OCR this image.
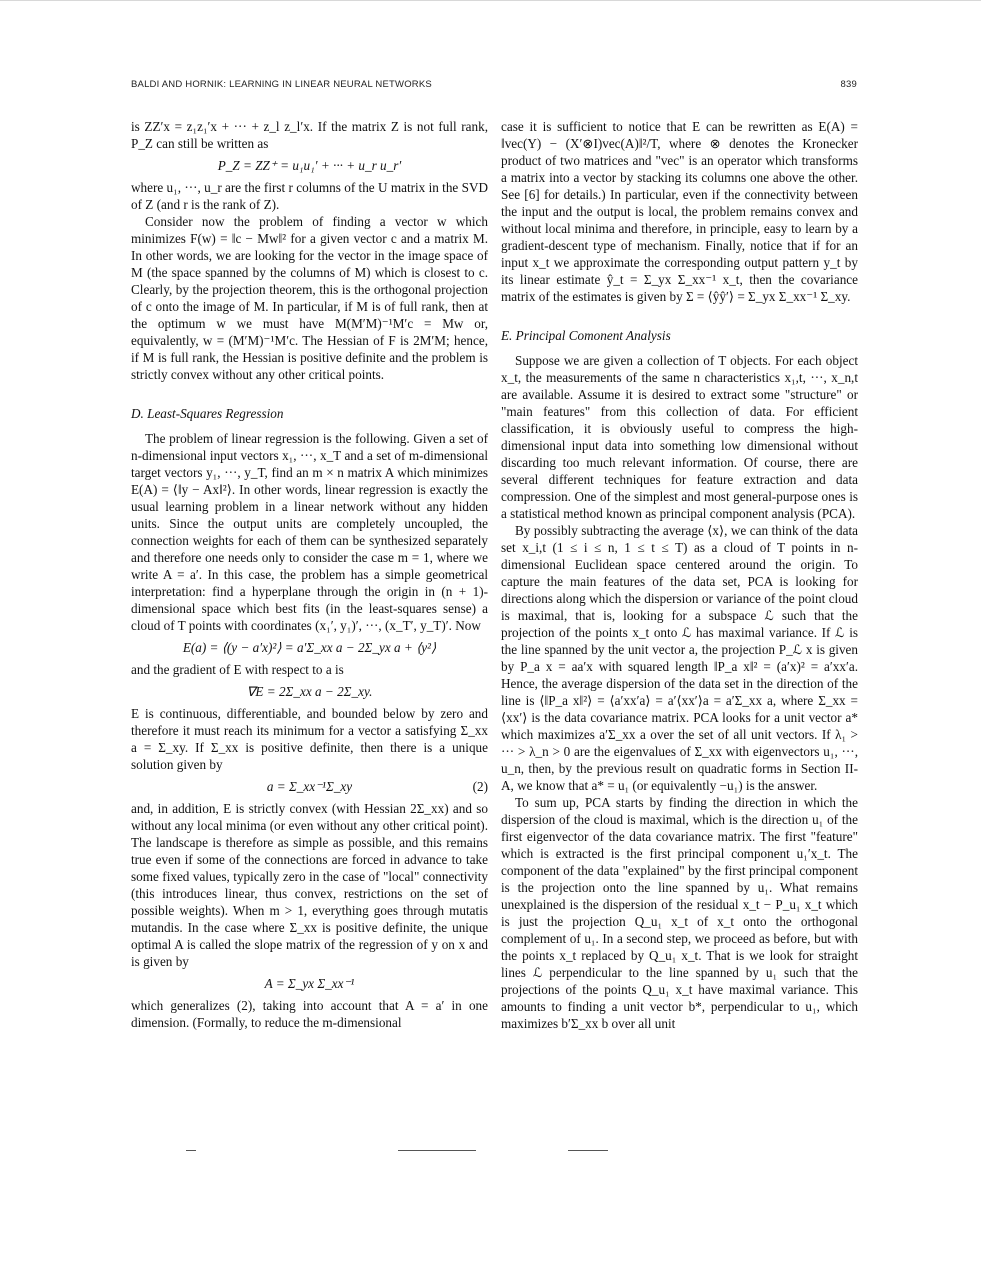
BALDI AND HORNIK: LEARNING IN LINEAR NEURAL NETWORKS	839

is ZZ′x = z₁z₁′x + ··· + z_l z_l′x. If the matrix Z is not full rank, P_Z can still be written as

P_Z = ZZ⁺ = u₁u₁′ + ··· + u_r u_r′

where u₁, ···, u_r are the first r columns of the U matrix in the SVD of Z (and r is the rank of Z).

Consider now the problem of finding a vector w which minimizes F(w) = ‖c − Mw‖² for a given vector c and a matrix M. In other words, we are looking for the vector in the image space of M (the space spanned by the columns of M) which is closest to c. Clearly, by the projection theorem, this is the orthogonal projection of c onto the image of M. In particular, if M is of full rank, then at the optimum w we must have M(M′M)⁻¹M′c = Mw or, equivalently, w = (M′M)⁻¹M′c. The Hessian of F is 2M′M; hence, if M is full rank, the Hessian is positive definite and the problem is strictly convex without any other critical points.

D. Least-Squares Regression

The problem of linear regression is the following. Given a set of n-dimensional input vectors x₁, ···, x_T and a set of m-dimensional target vectors y₁, ···, y_T, find an m × n matrix A which minimizes E(A) = ⟨‖y − Ax‖²⟩. In other words, linear regression is exactly the usual learning problem in a linear network without any hidden units. Since the output units are completely uncoupled, the connection weights for each of them can be synthesized separately and therefore one needs only to consider the case m = 1, where we write A = a′. In this case, the problem has a simple geometrical interpretation: find a hyperplane through the origin in (n + 1)-dimensional space which best fits (in the least-squares sense) a cloud of T points with coordinates (x₁′, y₁)′, ···, (x_T′, y_T)′. Now

E(a) = ⟨(y − a′x)²⟩ = a′Σ_xx a − 2Σ_yx a + ⟨y²⟩

and the gradient of E with respect to a is

∇E = 2Σ_xx a − 2Σ_xy.

E is continuous, differentiable, and bounded below by zero and therefore it must reach its minimum for a vector a satisfying Σ_xx a = Σ_xy. If Σ_xx is positive definite, then there is a unique solution given by

a = Σ_xx⁻¹Σ_xy	(2)

and, in addition, E is strictly convex (with Hessian 2Σ_xx) and so without any local minima (or even without any other critical point). The landscape is therefore as simple as possible, and this remains true even if some of the connections are forced in advance to take some fixed values, typically zero in the case of "local" connectivity (this introduces linear, thus convex, restrictions on the set of possible weights). When m > 1, everything goes through mutatis mutandis. In the case where Σ_xx is positive definite, the unique optimal A is called the slope matrix of the regression of y on x and is given by

A = Σ_yx Σ_xx⁻¹

which generalizes (2), taking into account that A = a′ in one dimension. (Formally, to reduce the m-dimensional

case it is sufficient to notice that E can be rewritten as E(A) = ‖vec(Y) − (X′⊗I)vec(A)‖²/T, where ⊗ denotes the Kronecker product of two matrices and "vec" is an operator which transforms a matrix into a vector by stacking its columns one above the other. See [6] for details.) In particular, even if the connectivity between the input and the output is local, the problem remains convex and without local minima and therefore, in principle, easy to learn by a gradient-descent type of mechanism. Finally, notice that if for an input x_t we approximate the corresponding output pattern y_t by its linear estimate ŷ_t = Σ_yx Σ_xx⁻¹ x_t, then the covariance matrix of the estimates is given by Σ = ⟨ŷŷ′⟩ = Σ_yx Σ_xx⁻¹ Σ_xy.

E. Principal Comonent Analysis

Suppose we are given a collection of T objects. For each object x_t, the measurements of the same n characteristics x₁,t, ···, x_n,t are available. Assume it is desired to extract some "structure" or "main features" from this collection of data. For efficient classification, it is obviously useful to compress the high-dimensional input data into something low dimensional without discarding too much relevant information. Of course, there are several different techniques for feature extraction and data compression. One of the simplest and most general-purpose ones is a statistical method known as principal component analysis (PCA).

By possibly subtracting the average ⟨x⟩, we can think of the data set x_i,t (1 ≤ i ≤ n, 1 ≤ t ≤ T) as a cloud of T points in n-dimensional Euclidean space centered around the origin. To capture the main features of the data set, PCA is looking for directions along which the dispersion or variance of the point cloud is maximal, that is, looking for a subspace ℒ such that the projection of the points x_t onto ℒ has maximal variance. If ℒ is the line spanned by the unit vector a, the projection P_ℒ x is given by P_a x = aa′x with squared length ‖P_a x‖² = (a′x)² = a′xx′a. Hence, the average dispersion of the data set in the direction of the line is ⟨‖P_a x‖²⟩ = ⟨a′xx′a⟩ = a′⟨xx′⟩a = a′Σ_xx a, where Σ_xx = ⟨xx′⟩ is the data covariance matrix. PCA looks for a unit vector a* which maximizes a′Σ_xx a over the set of all unit vectors. If λ₁ > ··· > λ_n > 0 are the eigenvalues of Σ_xx with eigenvectors u₁, ···, u_n, then, by the previous result on quadratic forms in Section II-A, we know that a* = u₁ (or equivalently −u₁) is the answer.

To sum up, PCA starts by finding the direction in which the dispersion of the cloud is maximal, which is the direction u₁ of the first eigenvector of the data covariance matrix. The first "feature" which is extracted is the first principal component u₁′x_t. The component of the data "explained" by the first principal component is the projection onto the line spanned by u₁. What remains unexplained is the dispersion of the residual x_t − P_u₁ x_t which is just the projection Q_u₁ x_t of x_t onto the orthogonal complement of u₁. In a second step, we proceed as before, but with the points x_t replaced by Q_u₁ x_t. That is we look for straight lines ℒ perpendicular to the line spanned by u₁ such that the projections of the points Q_u₁ x_t have maximal variance. This amounts to finding a unit vector b*, perpendicular to u₁, which maximizes b′Σ_xx b over all unit
